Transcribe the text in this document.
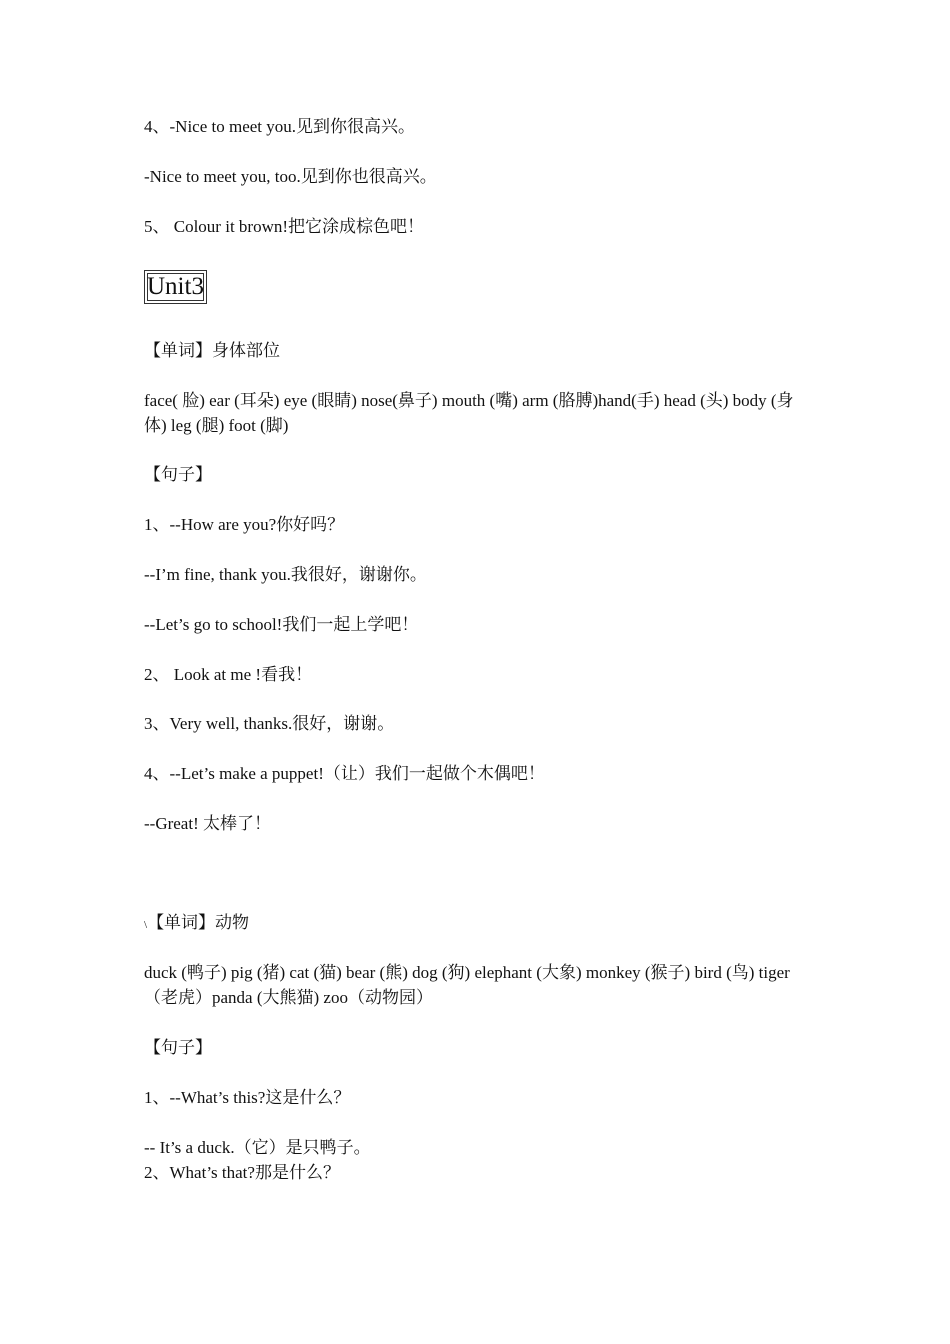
4、-Nice to meet you.见到你很高兴。

-Nice to meet you, too.见到你也很高兴。

5、 Colour it brown!把它涂成棕色吧！

Unit3

【单词】身体部位

face( 脸) ear (耳朵) eye (眼睛) nose(鼻子) mouth (嘴) arm (胳膊)hand(手) head (头) body (身体) leg (腿) foot (脚)

【句子】

1、--How are you?你好吗？

--I’m fine, thank you.我很好，谢谢你。

--Let’s go to school!我们一起上学吧！

2、 Look at me !看我！

3、Very well, thanks.很好，谢谢。

4、--Let’s make a puppet!（让）我们一起做个木偶吧！

--Great! 太棒了！

\【单词】动物

duck (鸭子) pig (猪) cat (猫) bear (熊) dog (狗) elephant (大象) monkey (猴子) bird (鸟) tiger（老虎）panda (大熊猫) zoo（动物园）

【句子】

1、--What’s this?这是什么？

-- It’s a duck.（它）是只鸭子。

2、What’s that?那是什么？
